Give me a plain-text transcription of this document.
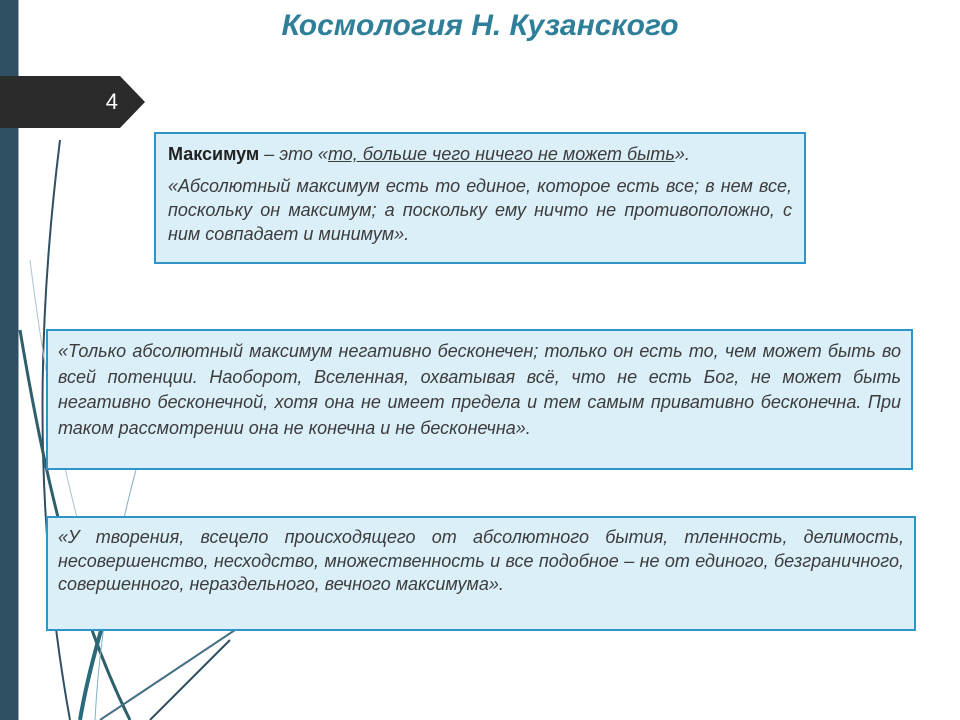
Космология Н. Кузанского
4

Максимум – это «то, больше чего ничего не может быть».

«Абсолютный максимум есть то единое, которое есть все; в нем все, поскольку он максимум; а поскольку ему ничто не противоположно, с ним совпадает и минимум».

«Только абсолютный максимум негативно бесконечен; только он есть то, чем может быть во всей потенции. Наоборот, Вселенная, охватывая всё, что не есть Бог, не может быть негативно бесконечной, хотя она не имеет предела и тем самым привативно бесконечна. При таком рассмотрении она не конечна и не бесконечна».

«У творения, всецело происходящего от абсолютного бытия, тленность, делимость, несовершенство, несходство, множественность и все подобное – не от единого, безграничного, совершенного, нераздельного, вечного максимума».
